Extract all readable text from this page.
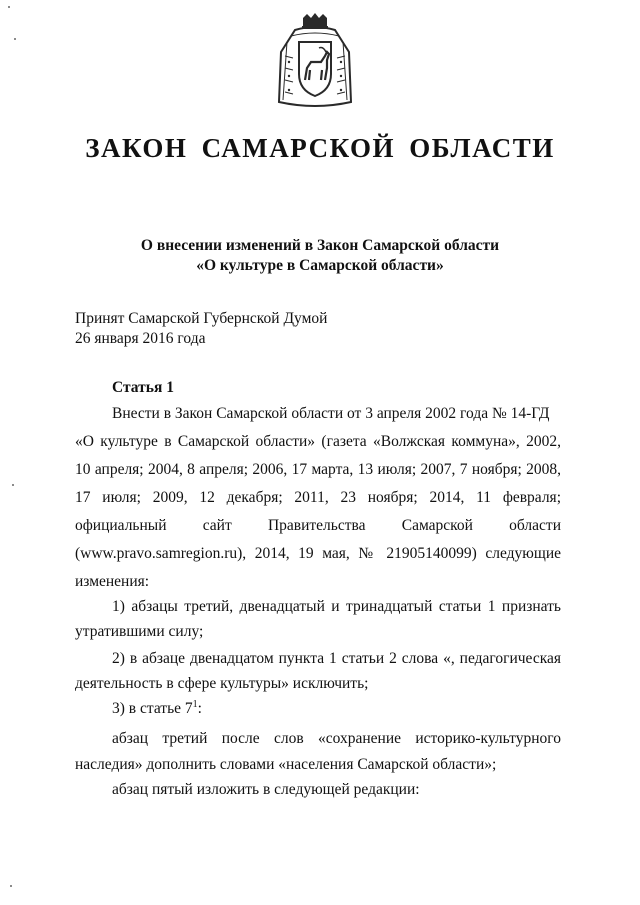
ЗАКОН САМАРСКОЙ ОБЛАСТИ
О внесении изменений в Закон Самарской области
«О культуре в Самарской области»
Принят Самарской Губернской Думой
26 января 2016 года
Статья 1
Внести в Закон Самарской области от 3 апреля 2002 года № 14-ГД
«О культуре в Самарской области» (газета «Волжская коммуна», 2002,
10 апреля; 2004, 8 апреля; 2006, 17 марта, 13 июля; 2007, 7 ноября; 2008,
17 июля; 2009, 12 декабря; 2011, 23 ноября; 2014, 11 февраля;
официальный сайт Правительства Самарской области
(www.pravo.samregion.ru), 2014, 19 мая, № 21905140099) следующие
изменения:
1) абзацы третий, двенадцатый и тринадцатый статьи 1 признать
утратившими силу;
2) в абзаце двенадцатом пункта 1 статьи 2 слова «, педагогическая
деятельность в сфере культуры» исключить;
3) в статье $7^1$:
абзац третий после слов «сохранение историко-культурного
наследия» дополнить словами «населения Самарской области»;
абзац пятый изложить в следующей редакции:
